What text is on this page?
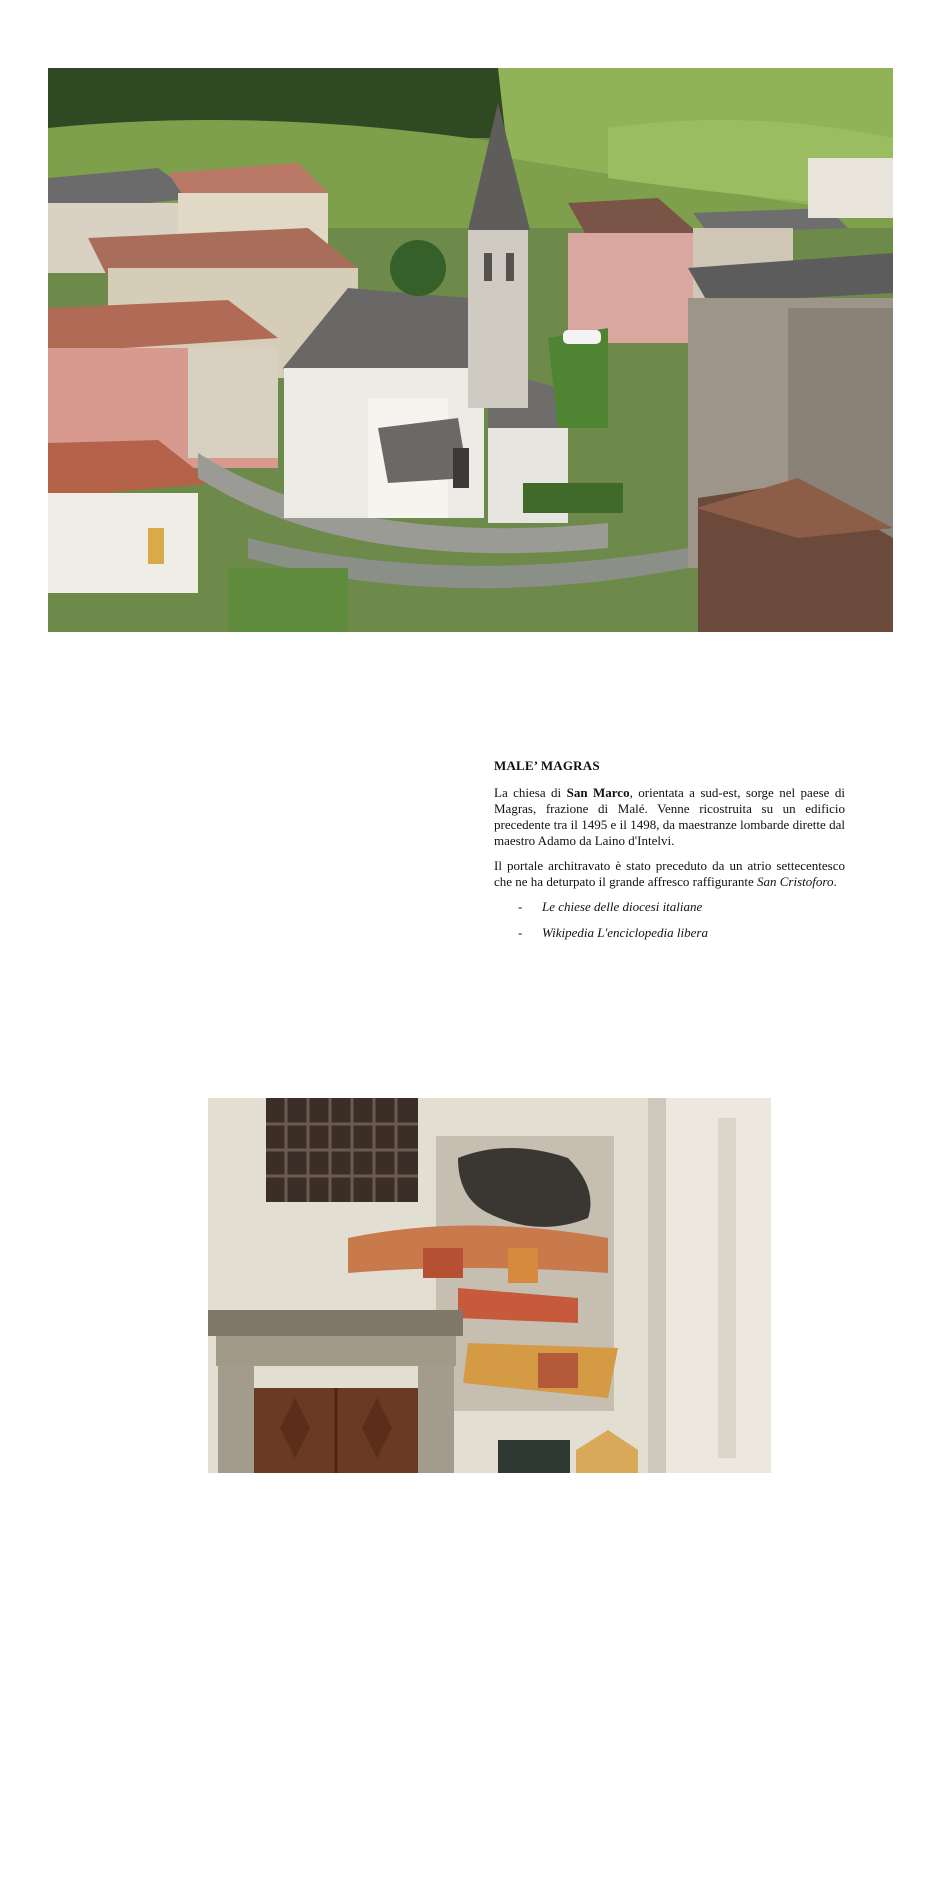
MALE’ MAGRAS

La chiesa di San Marco, orientata a sud-est, sorge nel paese di Magras, frazione di Malé. Venne ricostruita su un edificio precedente tra il 1495 e il 1498, da maestranze lombarde dirette dal maestro Adamo da Laino d'Intelvi.

Il portale architravato è stato preceduto da un atrio settecentesco che ne ha deturpato il grande affresco raffigurante San Cristoforo.

- Le chiese delle diocesi italiane
- Wikipedia L'enciclopedia libera
